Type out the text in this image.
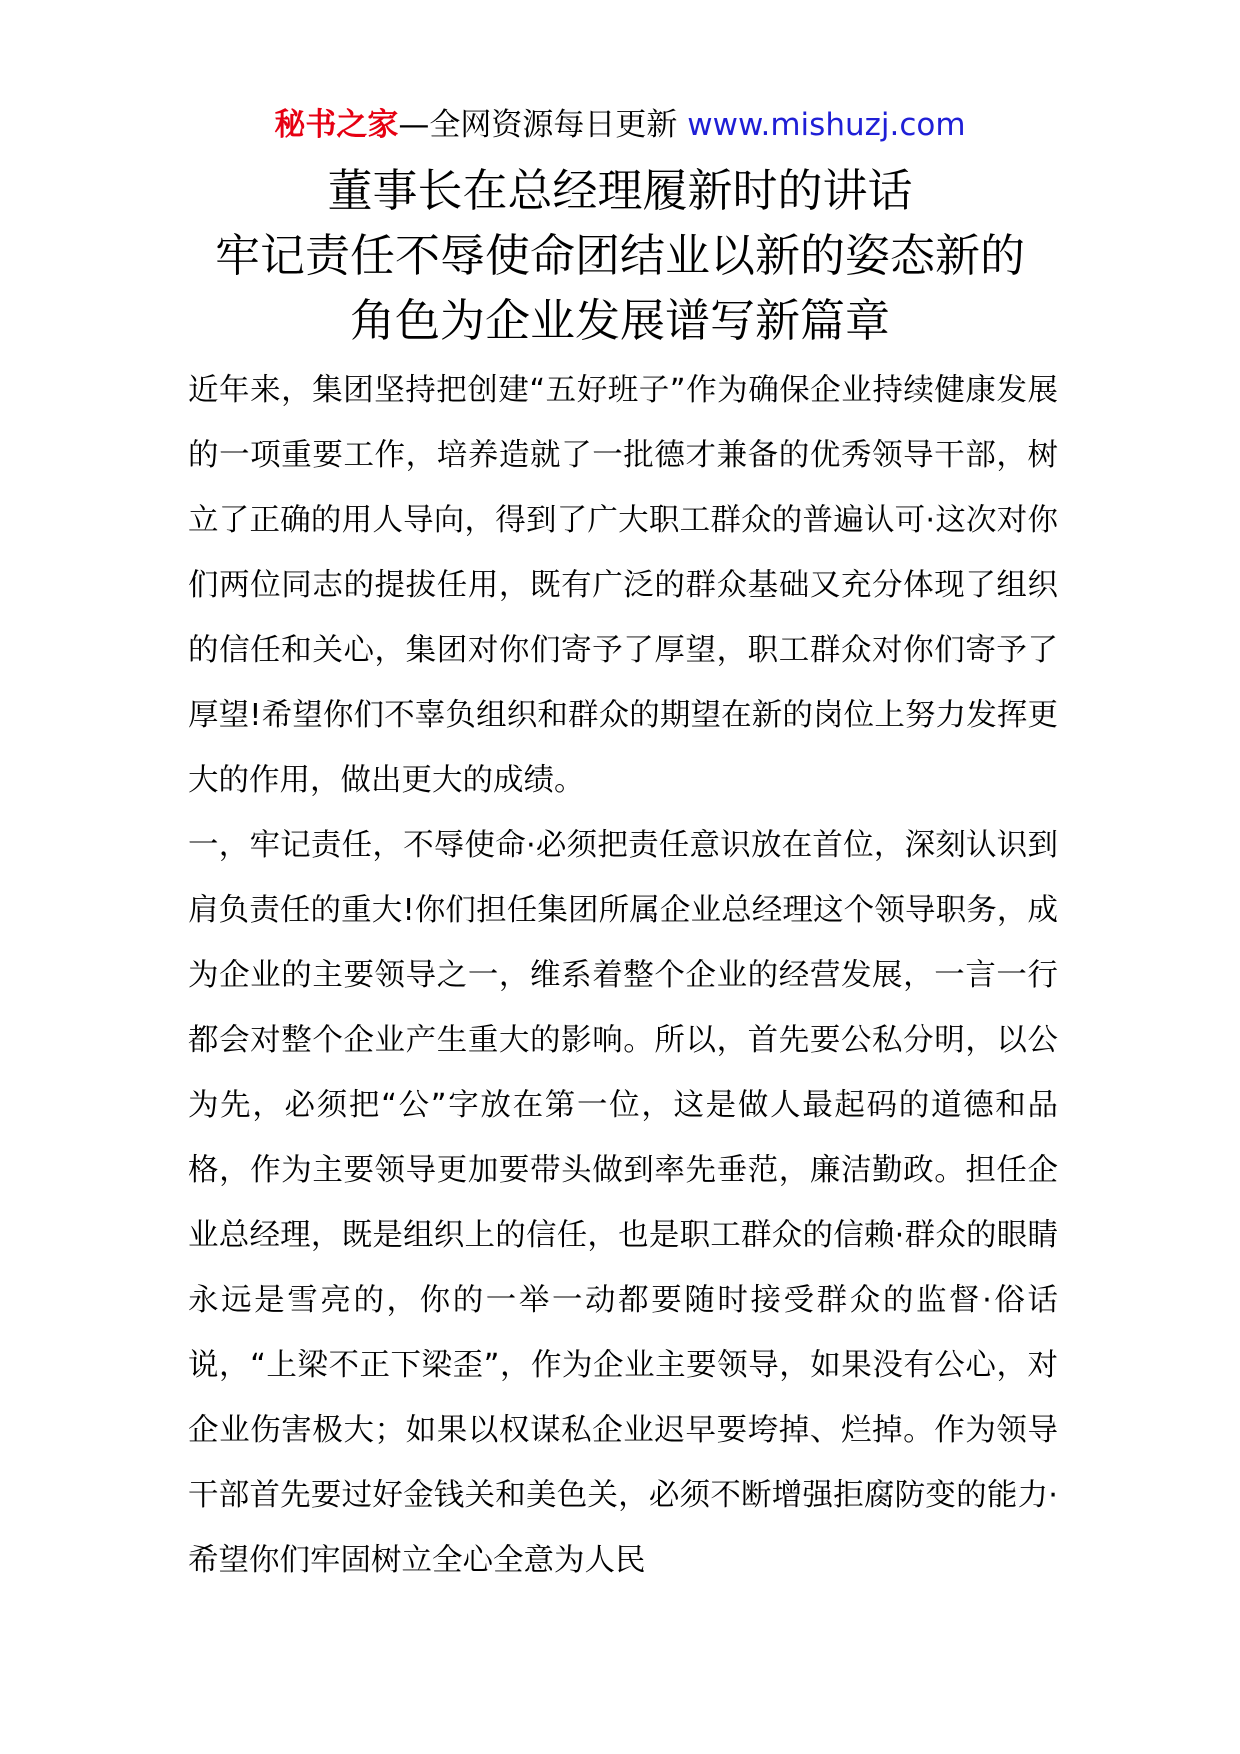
秘书之家—全网资源每日更新 www.mishuzj.com
董事长在总经理履新时的讲话
牢记责任不辱使命团结业以新的姿态新的
角色为企业发展谱写新篇章

近年来，集团坚持把创建“五好班子”作为确保企业持续健康发展的一项重要工作，培养造就了一批德才兼备的优秀领导干部，树立了正确的用人导向，得到了广大职工群众的普遍认可·这次对你们两位同志的提拔任用，既有广泛的群众基础又充分体现了组织的信任和关心，集团对你们寄予了厚望，职工群众对你们寄予了厚望!希望你们不辜负组织和群众的期望在新的岗位上努力发挥更大的作用，做出更大的成绩。

一，牢记责任，不辱使命·必须把责任意识放在首位，深刻认识到肩负责任的重大!你们担任集团所属企业总经理这个领导职务，成为企业的主要领导之一，维系着整个企业的经营发展，一言一行都会对整个企业产生重大的影响。所以，首先要公私分明，以公为先，必须把“公”字放在第一位，这是做人最起码的道德和品格，作为主要领导更加要带头做到率先垂范，廉洁勤政。担任企业总经理，既是组织上的信任，也是职工群众的信赖·群众的眼睛永远是雪亮的，你的一举一动都要随时接受群众的监督·俗话说，“上梁不正下梁歪”，作为企业主要领导，如果没有公心，对企业伤害极大；如果以权谋私企业迟早要垮掉、烂掉。作为领导干部首先要过好金钱关和美色关，必须不断增强拒腐防变的能力·希望你们牢固树立全心全意为人民
